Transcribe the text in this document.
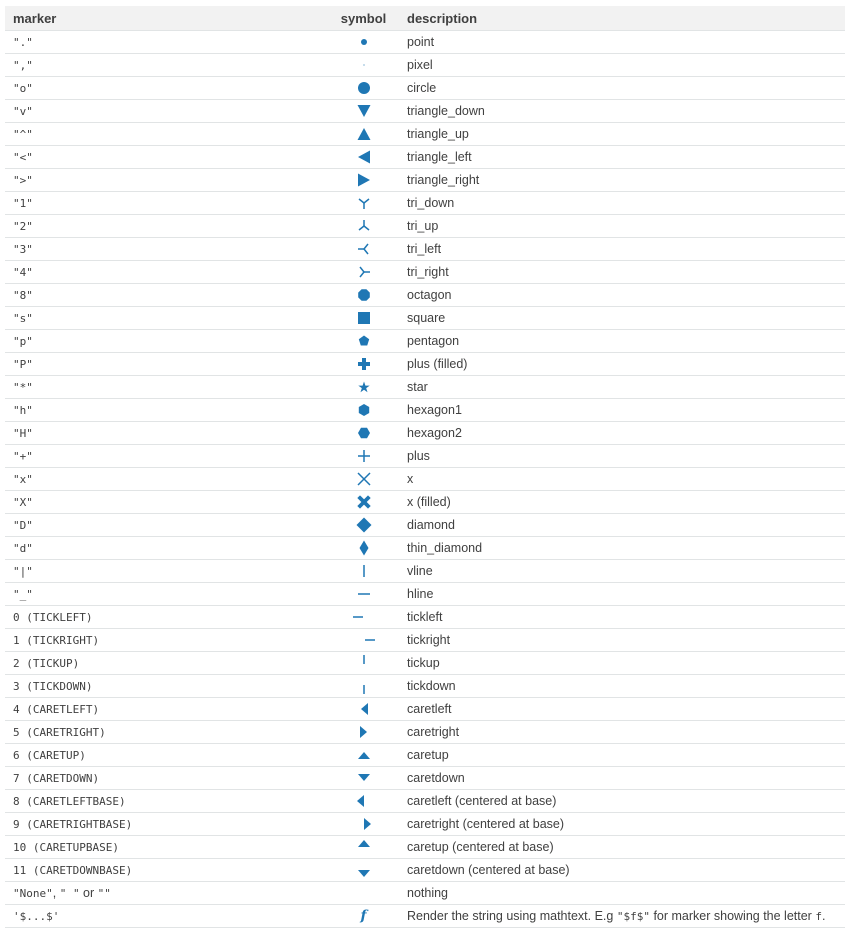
marker	symbol	description
"."		point
","		pixel
"o"		circle
"v"		triangle_down
"^"		triangle_up
"<"		triangle_left
">"		triangle_right
"1"		tri_down
"2"		tri_up
"3"		tri_left
"4"		tri_right
"8"		octagon
"s"		square
"p"		pentagon
"P"		plus (filled)
"*"		star
"h"		hexagon1
"H"		hexagon2
"+"		plus
"x"		x
"X"		x (filled)
"D"		diamond
"d"		thin_diamond
"|"		vline
"_"		hline
0 (TICKLEFT)		tickleft
1 (TICKRIGHT)		tickright
2 (TICKUP)		tickup
3 (TICKDOWN)		tickdown
4 (CARETLEFT)		caretleft
5 (CARETRIGHT)		caretright
6 (CARETUP)		caretup
7 (CARETDOWN)		caretdown
8 (CARETLEFTBASE)		caretleft (centered at base)
9 (CARETRIGHTBASE)		caretright (centered at base)
10 (CARETUPBASE)		caretup (centered at base)
11 (CARETDOWNBASE)		caretdown (centered at base)
"None", " " or ""		nothing
'$...$'	f	Render the string using mathtext. E.g "$f$" for marker showing the letter f.
